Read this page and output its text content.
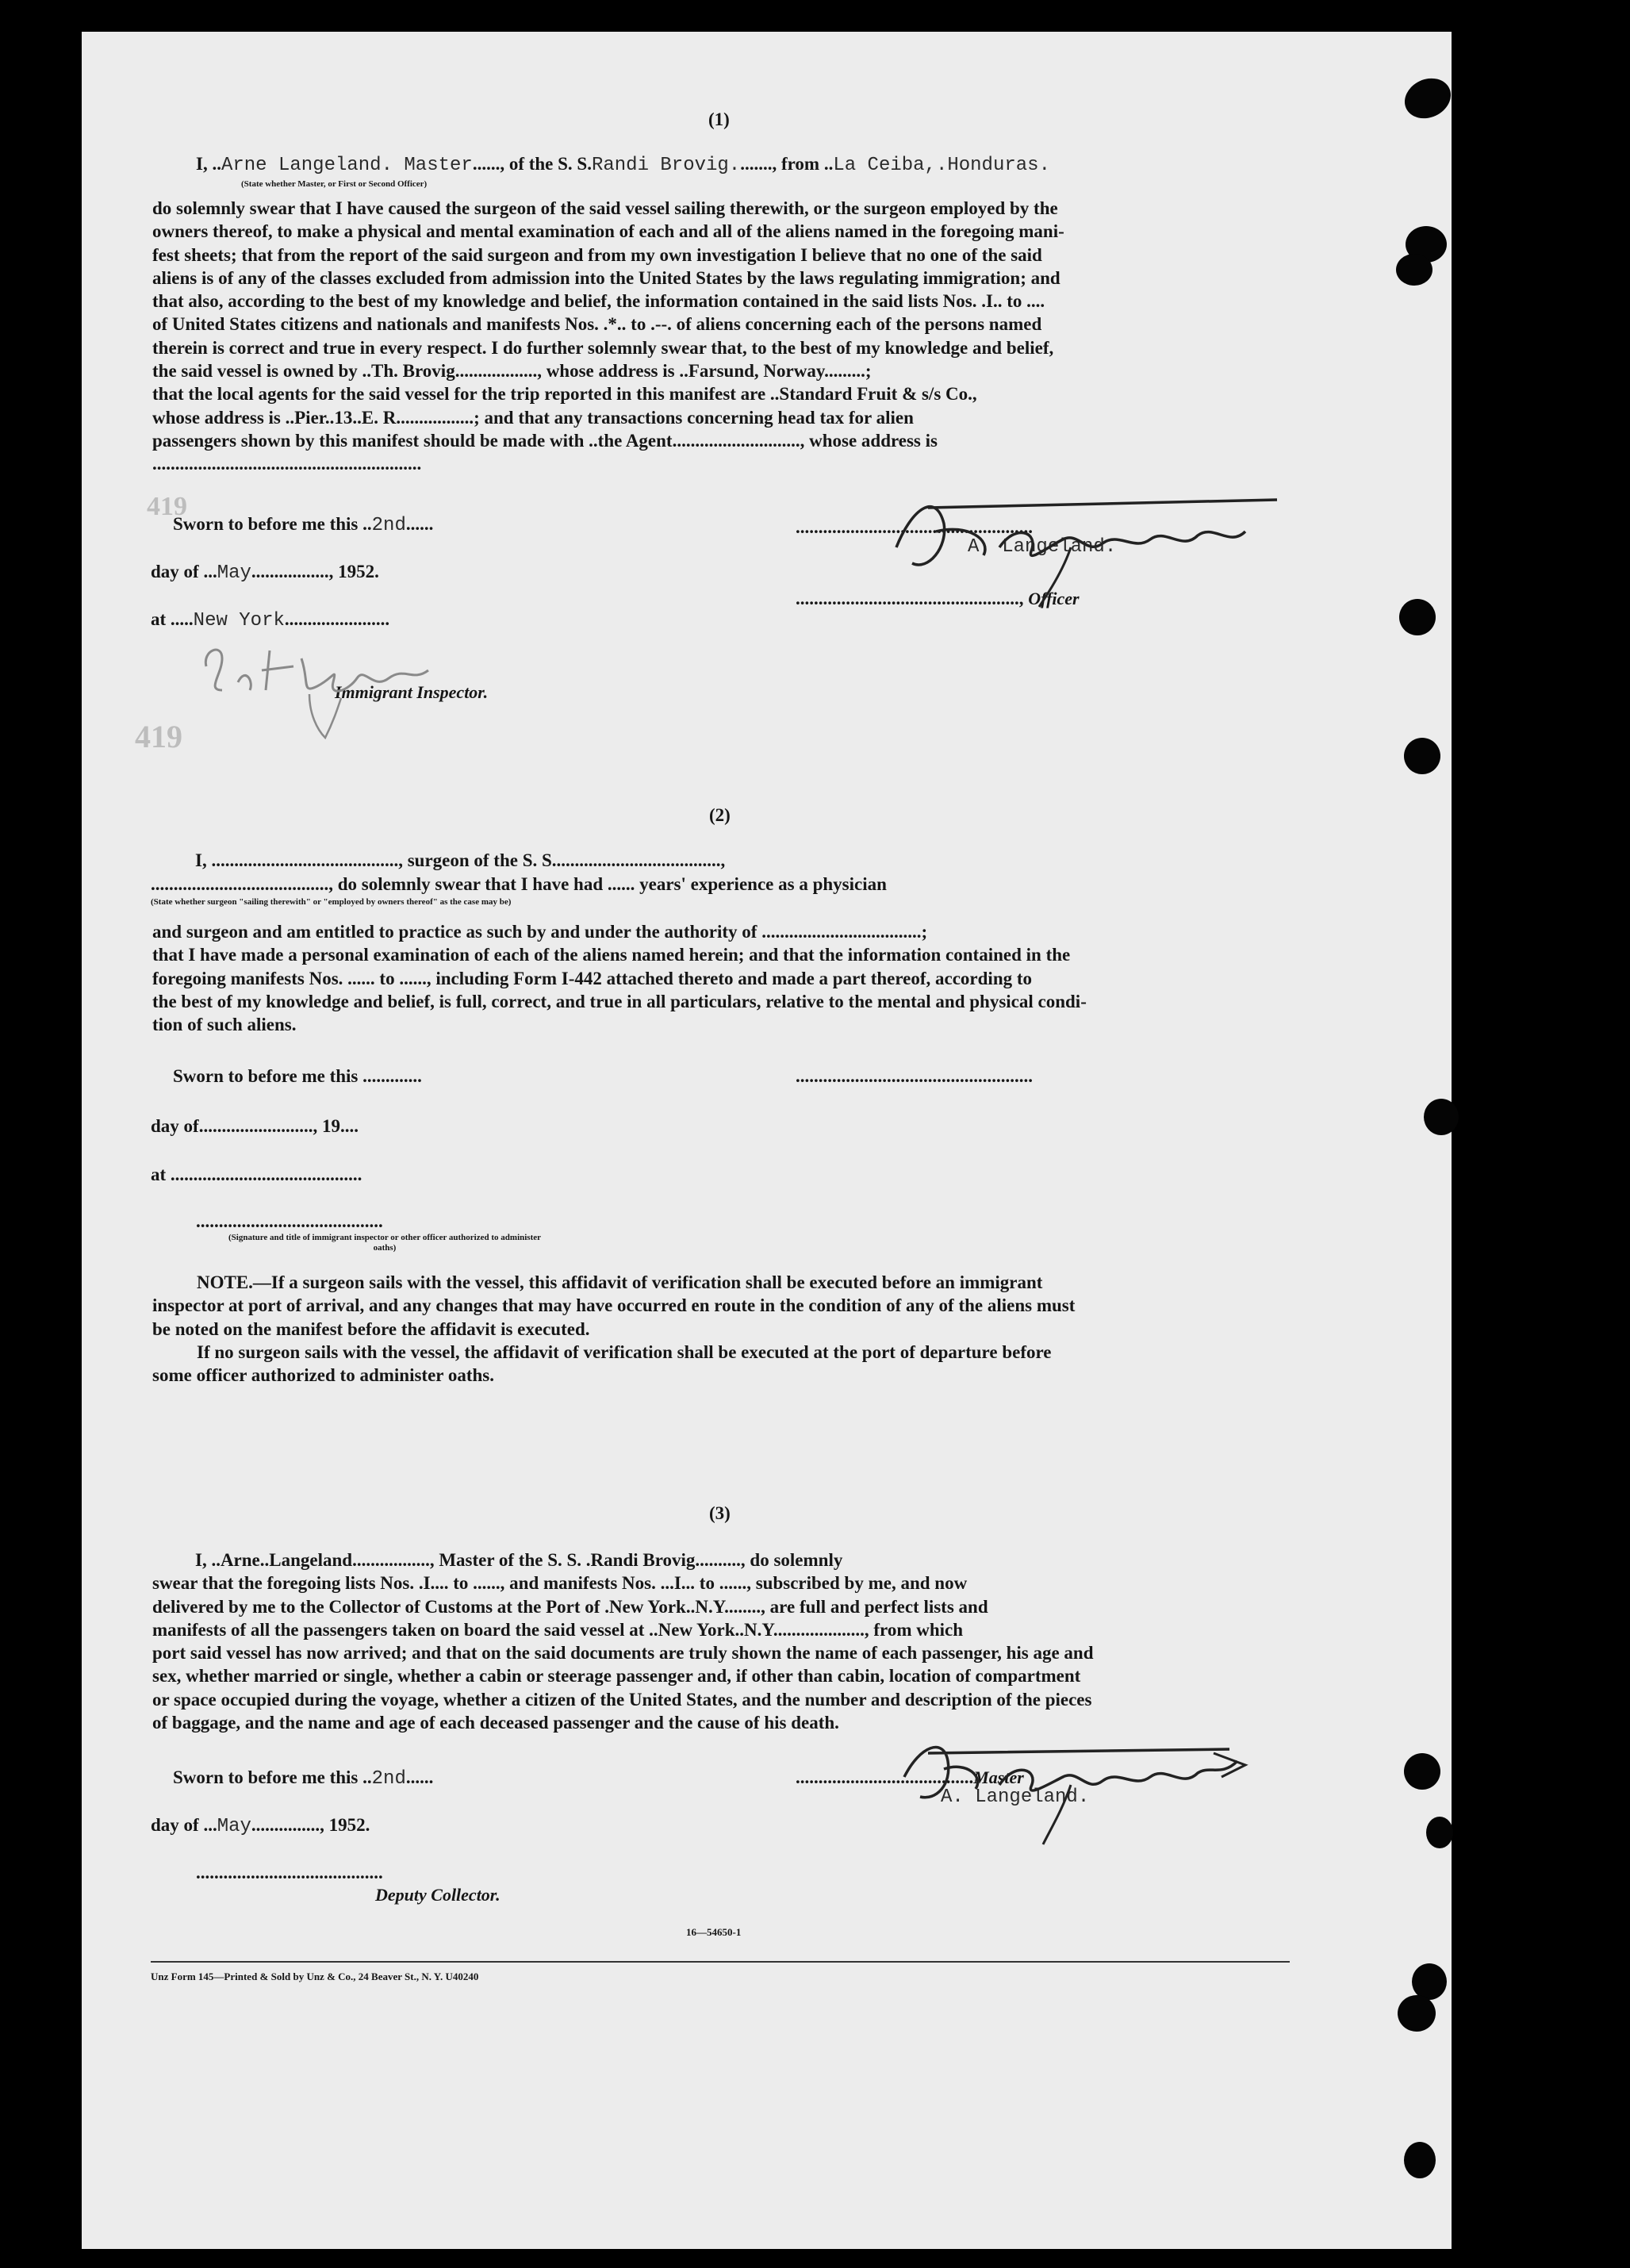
419
419
(1)
I, ..Arne Langeland. Master......, of the S. S.Randi Brovig........, from ..La Ceiba,.Honduras.
(State whether Master, or First or Second Officer)
do solemnly swear that I have caused the surgeon of the said vessel sailing therewith, or the surgeon employed by the
owners thereof, to make a physical and mental examination of each and all of the aliens named in the foregoing mani-
fest sheets; that from the report of the said surgeon and from my own investigation I believe that no one of the said
aliens is of any of the classes excluded from admission into the United States by the laws regulating immigration; and
that also, according to the best of my knowledge and belief, the information contained in the said lists Nos. .I.. to ....
of United States citizens and nationals and manifests Nos. .*.. to .--. of aliens concerning each of the persons named
therein is correct and true in every respect. I do further solemnly swear that, to the best of my knowledge and belief,
the said vessel is owned by ..Th. Brovig.................., whose address is ..Farsund, Norway.........;
that the local agents for the said vessel for the trip reported in this manifest are ..Standard Fruit & s/s Co.,
whose address is ..Pier..13..E. R.................; and that any transactions concerning head tax for alien
passengers shown by this manifest should be made with ..the Agent............................, whose address is
...........................................................
Sworn to before me this ..2nd......
day of ...May................., 1952.
at .....New York.......................
....................................................
A. Langeland.
................................................., Officer
Immigrant Inspector.
(2)
I, ........................................., surgeon of the S. S.....................................,
......................................., do solemnly swear that I have had ...... years' experience as a physician
(State whether surgeon "sailing therewith" or "employed by owners thereof" as the case may be)
and surgeon and am entitled to practice as such by and under the authority of ...................................;
that I have made a personal examination of each of the aliens named herein; and that the information contained in the
foregoing manifests Nos. ...... to ......, including Form I-442 attached thereto and made a part thereof, according to
the best of my knowledge and belief, is full, correct, and true in all particulars, relative to the mental and physical condi-
tion of such aliens.
Sworn to before me this .............	....................................................
day of........................., 19....
at ..........................................
.........................................
(Signature and title of immigrant inspector or other officer authorized to administer oaths)
NOTE.—If a surgeon sails with the vessel, this affidavit of verification shall be executed before an immigrant
inspector at port of arrival, and any changes that may have occurred en route in the condition of any of the aliens must
be noted on the manifest before the affidavit is executed.
If no surgeon sails with the vessel, the affidavit of verification shall be executed at the port of departure before
some officer authorized to administer oaths.
(3)
I, ..Arne..Langeland................., Master of the S. S. .Randi Brovig.........., do solemnly
swear that the foregoing lists Nos. .I.... to ......, and manifests Nos. ...I... to ......, subscribed by me, and now
delivered by me to the Collector of Customs at the Port of .New York..N.Y........, are full and perfect lists and
manifests of all the passengers taken on board the said vessel at ..New York..N.Y...................., from which
port said vessel has now arrived; and that on the said documents are truly shown the name of each passenger, his age and
sex, whether married or single, whether a cabin or steerage passenger and, if other than cabin, location of compartment
or space occupied during the voyage, whether a citizen of the United States, and the number and description of the pieces
of baggage, and the name and age of each deceased passenger and the cause of his death.
Sworn to before me this ..2nd......
day of ...May..............., 1952.
.........................................
Deputy Collector.
.......................................Master
A. Langeland.
16—54650-1
Unz Form 145—Printed & Sold by Unz & Co., 24 Beaver St., N. Y. U40240
